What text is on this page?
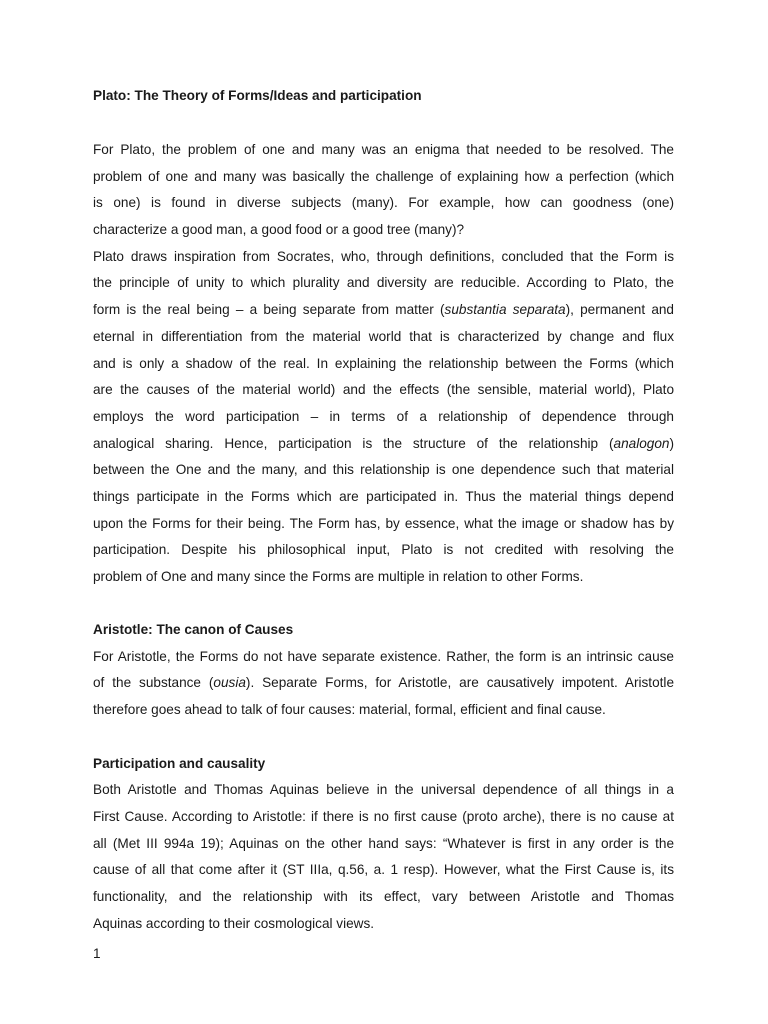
Plato: The Theory of Forms/Ideas and participation
For Plato, the problem of one and many was an enigma that needed to be resolved. The
problem of one and many was basically the challenge of explaining how a perfection (which
is one) is found in diverse subjects (many). For example, how can goodness (one)
characterize a good man, a good food or a good tree (many)?
Plato draws inspiration from Socrates, who, through definitions, concluded that the Form is
the principle of unity to which plurality and diversity are reducible. According to Plato, the
form is the real being – a being separate from matter (substantia separata), permanent and
eternal in differentiation from the material world that is characterized by change and flux
and is only a shadow of the real. In explaining the relationship between the Forms (which
are the causes of the material world) and the effects (the sensible, material world), Plato
employs the word participation – in terms of a relationship of dependence through
analogical sharing. Hence, participation is the structure of the relationship (analogon)
between the One and the many, and this relationship is one dependence such that material
things participate in the Forms which are participated in. Thus the material things depend
upon the Forms for their being. The Form has, by essence, what the image or shadow has by
participation. Despite his philosophical input, Plato is not credited with resolving the
problem of One and many since the Forms are multiple in relation to other Forms.
Aristotle: The canon of Causes
For Aristotle, the Forms do not have separate existence. Rather, the form is an intrinsic cause
of the substance (ousia). Separate Forms, for Aristotle, are causatively impotent. Aristotle
therefore goes ahead to talk of four causes: material, formal, efficient and final cause.
Participation and causality
Both Aristotle and Thomas Aquinas believe in the universal dependence of all things in a
First Cause. According to Aristotle: if there is no first cause (proto arche), there is no cause at
all (Met III 994a 19); Aquinas on the other hand says: “Whatever is first in any order is the
cause of all that come after it (ST IIIa, q.56, a. 1 resp). However, what the First Cause is, its
functionality, and the relationship with its effect, vary between Aristotle and Thomas
Aquinas according to their cosmological views.
1
